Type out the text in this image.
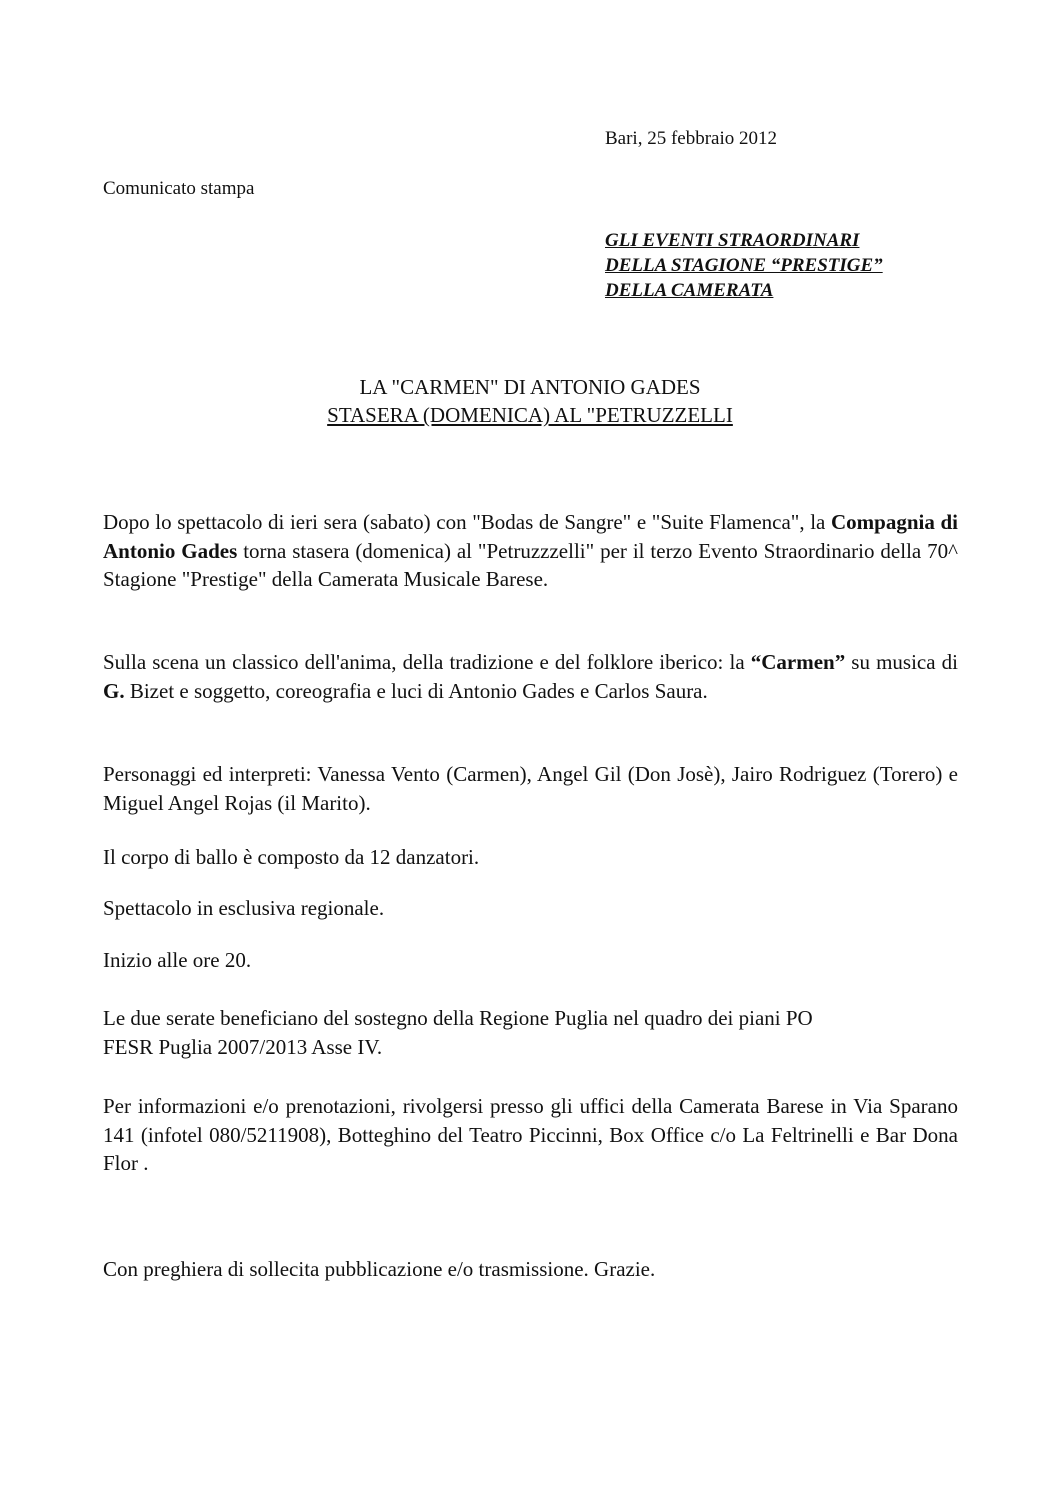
Bari, 25 febbraio 2012
Comunicato stampa
GLI EVENTI STRAORDINARI
DELLA STAGIONE “PRESTIGE”
DELLA CAMERATA
LA "CARMEN" DI ANTONIO GADES
STASERA (DOMENICA) AL "PETRUZZELLI

Dopo lo spettacolo di ieri sera (sabato) con "Bodas de Sangre" e "Suite Flamenca", la Compagnia di Antonio Gades torna stasera (domenica) al "Petruzzzelli" per il terzo Evento Straordinario della 70^ Stagione "Prestige" della Camerata Musicale Barese.

Sulla scena un classico dell'anima, della tradizione e del folklore iberico: la “Carmen” su musica di G. Bizet e soggetto, coreografia e luci di Antonio Gades e Carlos Saura.

Personaggi ed interpreti: Vanessa Vento (Carmen), Angel Gil (Don Josè), Jairo Rodriguez (Torero) e Miguel Angel Rojas (il Marito).

Il corpo di ballo è composto da 12 danzatori.

Spettacolo in esclusiva regionale.

Inizio alle ore 20.

Le due serate beneficiano del sostegno della Regione Puglia nel quadro dei piani PO
FESR Puglia 2007/2013 Asse IV.

Per informazioni e/o prenotazioni, rivolgersi presso gli uffici della Camerata Barese in Via Sparano 141 (infotel 080/5211908), Botteghino del Teatro Piccinni, Box Office c/o La Feltrinelli e Bar Dona Flor .

Con preghiera di sollecita pubblicazione e/o trasmissione. Grazie.
